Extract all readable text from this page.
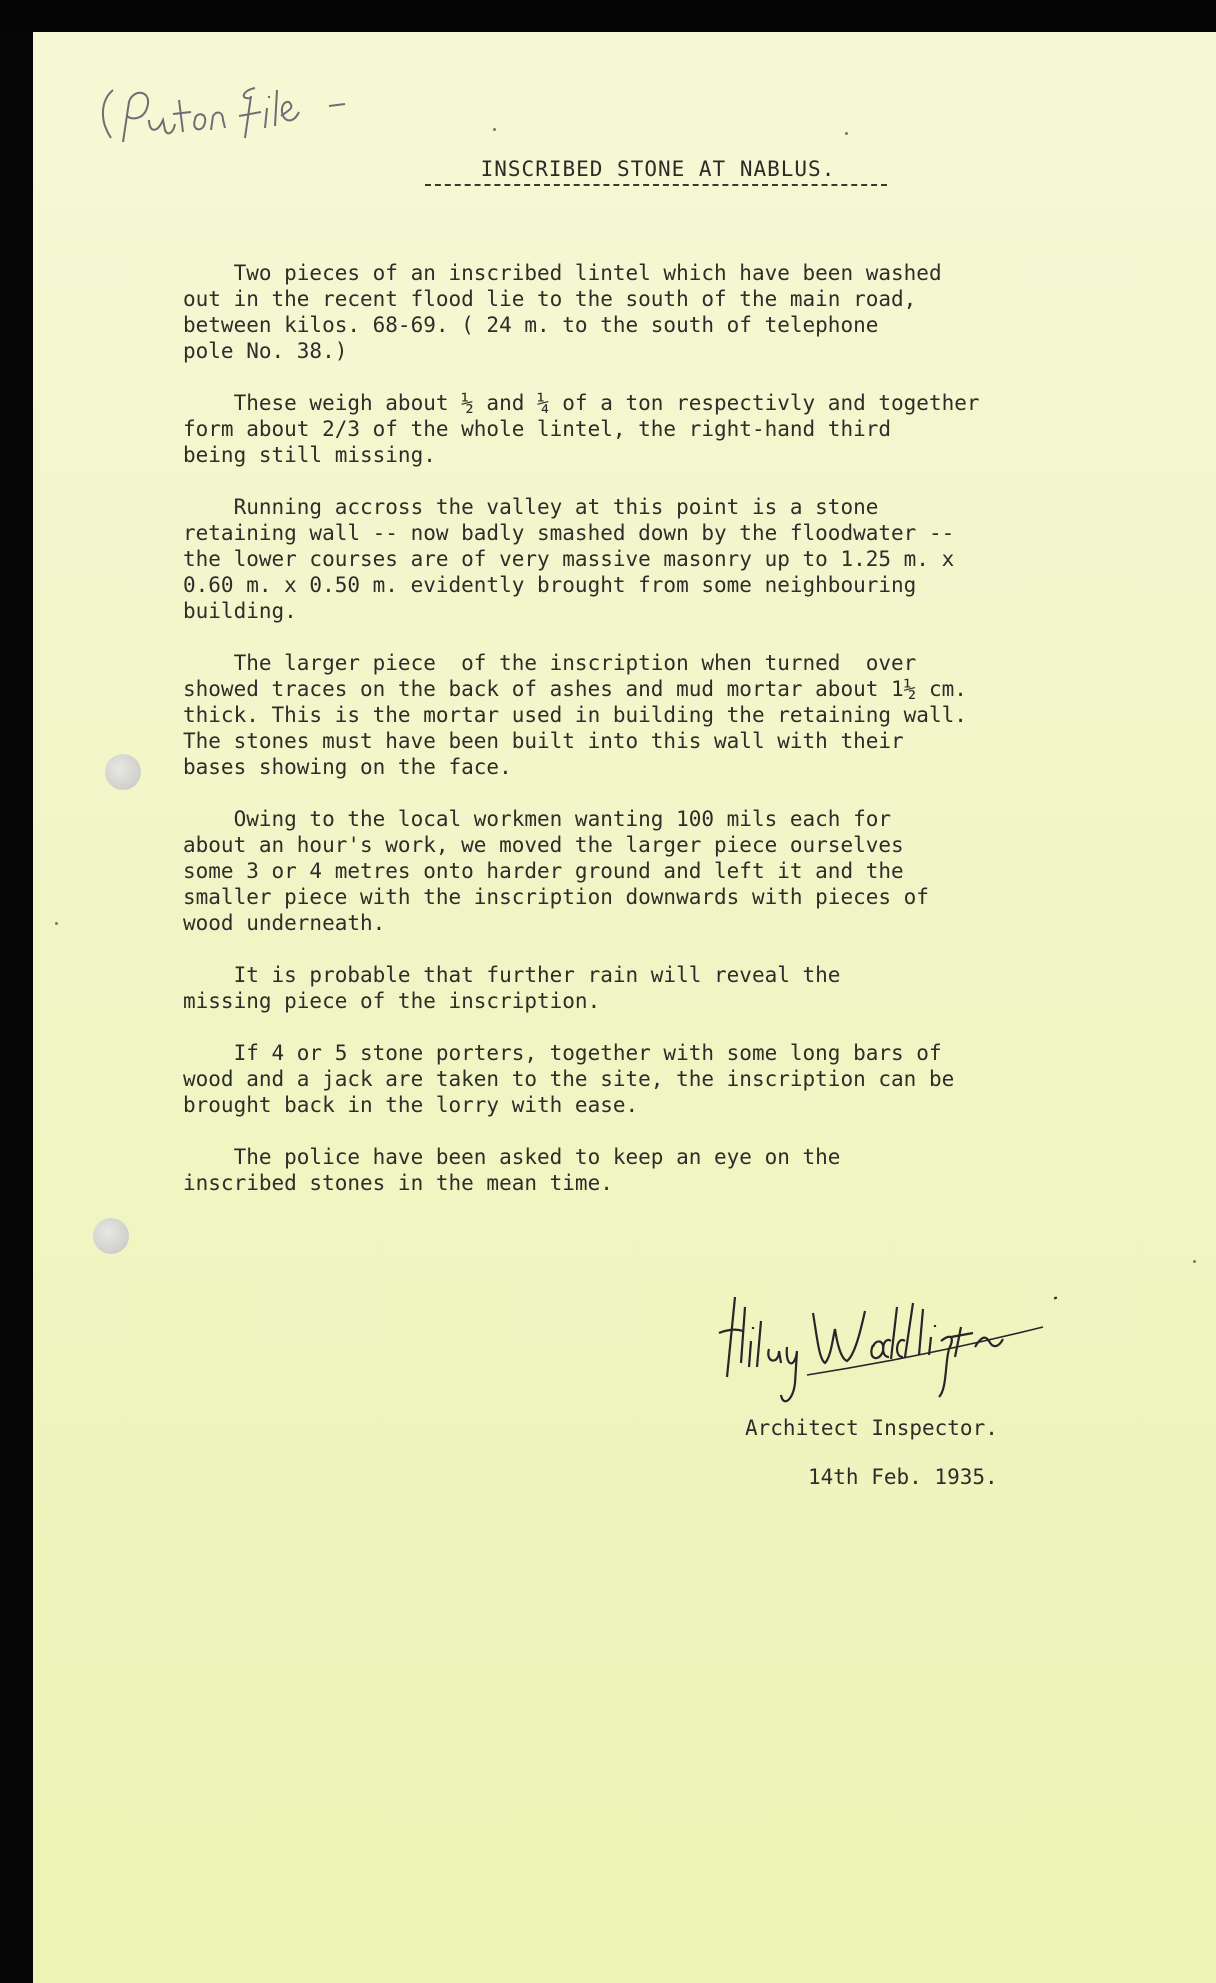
INSCRIBED STONE AT NABLUS.

Two pieces of an inscribed lintel which have been washed
out in the recent flood lie to the south of the main road,
between kilos. 68-69. ( 24 m. to the south of telephone
pole No. 38.)

These weigh about ½ and ¼ of a ton respectivly and together
form about 2/3 of the whole lintel, the right-hand third
being still missing.

Running accross the valley at this point is a stone
retaining wall -- now badly smashed down by the floodwater --
the lower courses are of very massive masonry up to 1.25 m. x
0.60 m. x 0.50 m. evidently brought from some neighbouring
building.

The larger piece  of the inscription when turned  over
showed traces on the back of ashes and mud mortar about 1½ cm.
thick. This is the mortar used in building the retaining wall.
The stones must have been built into this wall with their
bases showing on the face.

Owing to the local workmen wanting 100 mils each for
about an hour's work, we moved the larger piece ourselves
some 3 or 4 metres onto harder ground and left it and the
smaller piece with the inscription downwards with pieces of
wood underneath.

It is probable that further rain will reveal the
missing piece of the inscription.

If 4 or 5 stone porters, together with some long bars of
wood and a jack are taken to the site, the inscription can be
brought back in the lorry with ease.

The police have been asked to keep an eye on the
inscribed stones in the mean time.

Architect Inspector.
14th Feb. 1935.
